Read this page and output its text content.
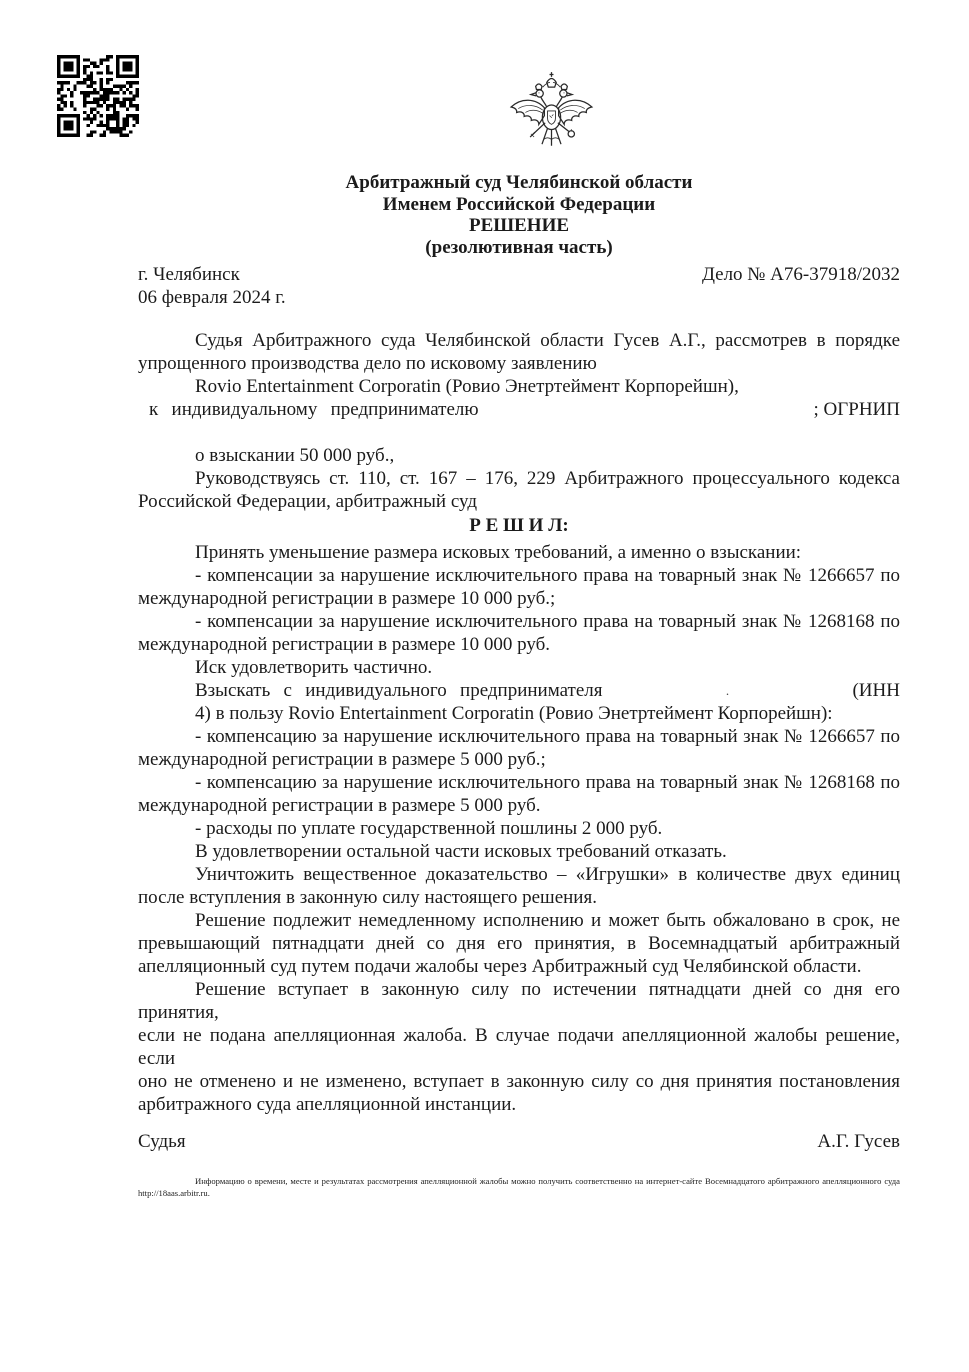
Арбитражный суд Челябинской области
Именем Российской Федерации
РЕШЕНИЕ
(резолютивная часть)
г. Челябинск	Дело № А76-37918/2032
06 февраля 2024 г.
Судья Арбитражного суда Челябинской области Гусев А.Г., рассмотрев в порядке
упрощенного производства дело по исковому заявлению
Rovio Entertainment Corporatin (Ровио Энетртеймент Корпорейшн),
к индивидуальному предпринимателю	; ОГРНИП

о взыскании 50 000 руб.,
Руководствуясь ст. 110, ст. 167 – 176, 229 Арбитражного процессуального кодекса
Российской Федерации, арбитражный суд
Р Е Ш И Л:
Принять уменьшение размера исковых требований, а именно о взыскании:
- компенсации за нарушение исключительного права на товарный знак № 1266657 по
международной регистрации в размере 10 000 руб.;
- компенсации за нарушение исключительного права на товарный знак № 1268168 по
международной регистрации в размере 10 000 руб.
Иск удовлетворить частично.
Взыскать с индивидуального предпринимателя	.	(ИНН
4) в пользу Rovio Entertainment Corporatin (Ровио Энетртеймент Корпорейшн):
- компенсацию за нарушение исключительного права на товарный знак № 1266657 по
международной регистрации в размере 5 000 руб.;
- компенсацию за нарушение исключительного права на товарный знак № 1268168 по
международной регистрации в размере 5 000 руб.
- расходы по уплате государственной пошлины 2 000 руб.
В удовлетворении остальной части исковых требований отказать.
Уничтожить вещественное доказательство – «Игрушки» в количестве двух единиц
после вступления в законную силу настоящего решения.
Решение подлежит немедленному исполнению и может быть обжаловано в срок, не
превышающий пятнадцати дней со дня его принятия, в Восемнадцатый арбитражный
апелляционный суд путем подачи жалобы через Арбитражный суд Челябинской области.
Решение вступает в законную силу по истечении пятнадцати дней со дня его принятия,
если не подана апелляционная жалоба. В случае подачи апелляционной жалобы решение, если
оно не отменено и не изменено, вступает в законную силу со дня принятия постановления
арбитражного суда апелляционной инстанции.
Судья	А.Г. Гусев
Информацию о времени, месте и результатах рассмотрения апелляционной жалобы можно получить соответственно на интернет-сайте Восемнадцатого арбитражного апелляционного суда
http://18aas.arbitr.ru.
